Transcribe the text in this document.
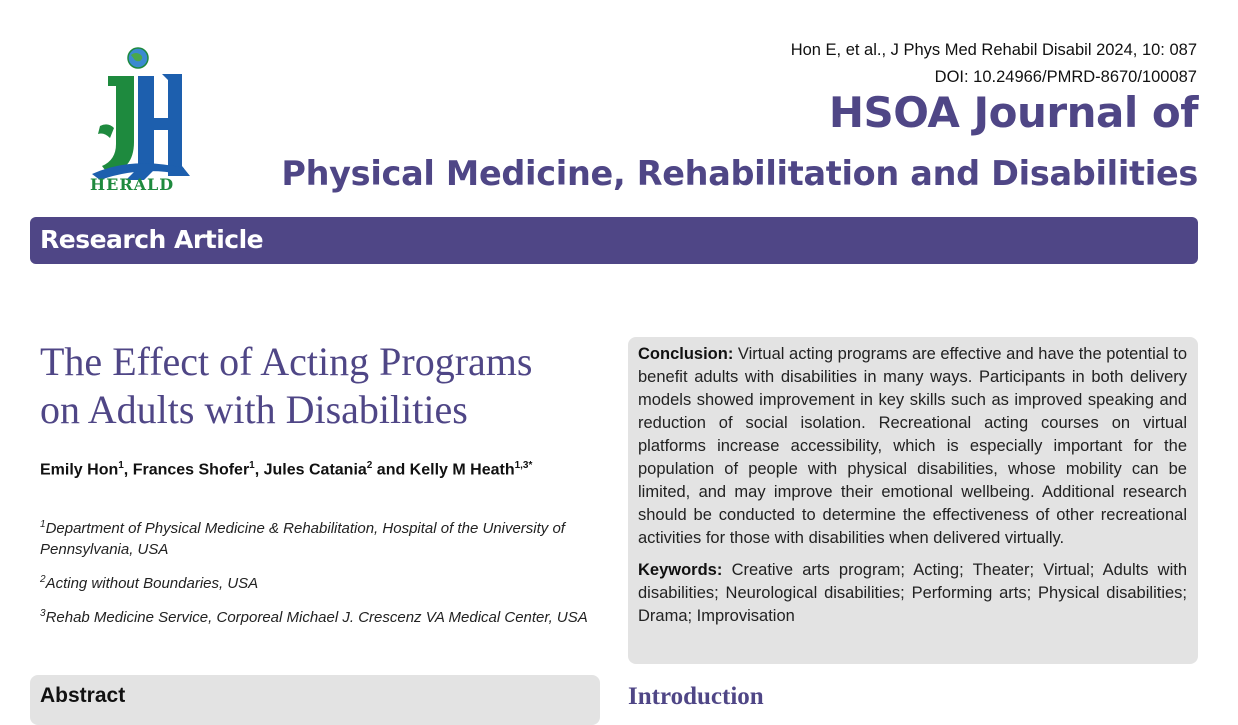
HERALD
Hon E, et al., J Phys Med Rehabil Disabil 2024, 10: 087
DOI: 10.24966/PMRD-8670/100087
HSOA Journal of
Physical Medicine, Rehabilitation and Disabilities
Research Article
The Effect of Acting Programs
on Adults with Disabilities
Emily Hon$^1$, Frances Shofer$^1$, Jules Catania$^2$ and Kelly M Heath$^{1,3*}$
$^1$Department of Physical Medicine & Rehabilitation, Hospital of the University of Pennsylvania, USA
$^2$Acting without Boundaries, USA
$^3$Rehab Medicine Service, Corporeal Michael J. Crescenz VA Medical Center, USA
Abstract

Conclusion: Virtual acting programs are effective and have the potential to benefit adults with disabilities in many ways. Participants in both delivery models showed improvement in key skills such as improved speaking and reduction of social isolation. Recreational acting courses on virtual platforms increase accessibility, which is especially important for the population of people with physical disabilities, whose mobility can be limited, and may improve their emotional wellbeing. Additional research should be conducted to determine the effectiveness of other recreational activities for those with disabilities when delivered virtually.

Keywords: Creative arts program; Acting; Theater; Virtual; Adults with disabilities; Neurological disabilities; Performing arts; Physical disabilities; Drama; Improvisation

Introduction
